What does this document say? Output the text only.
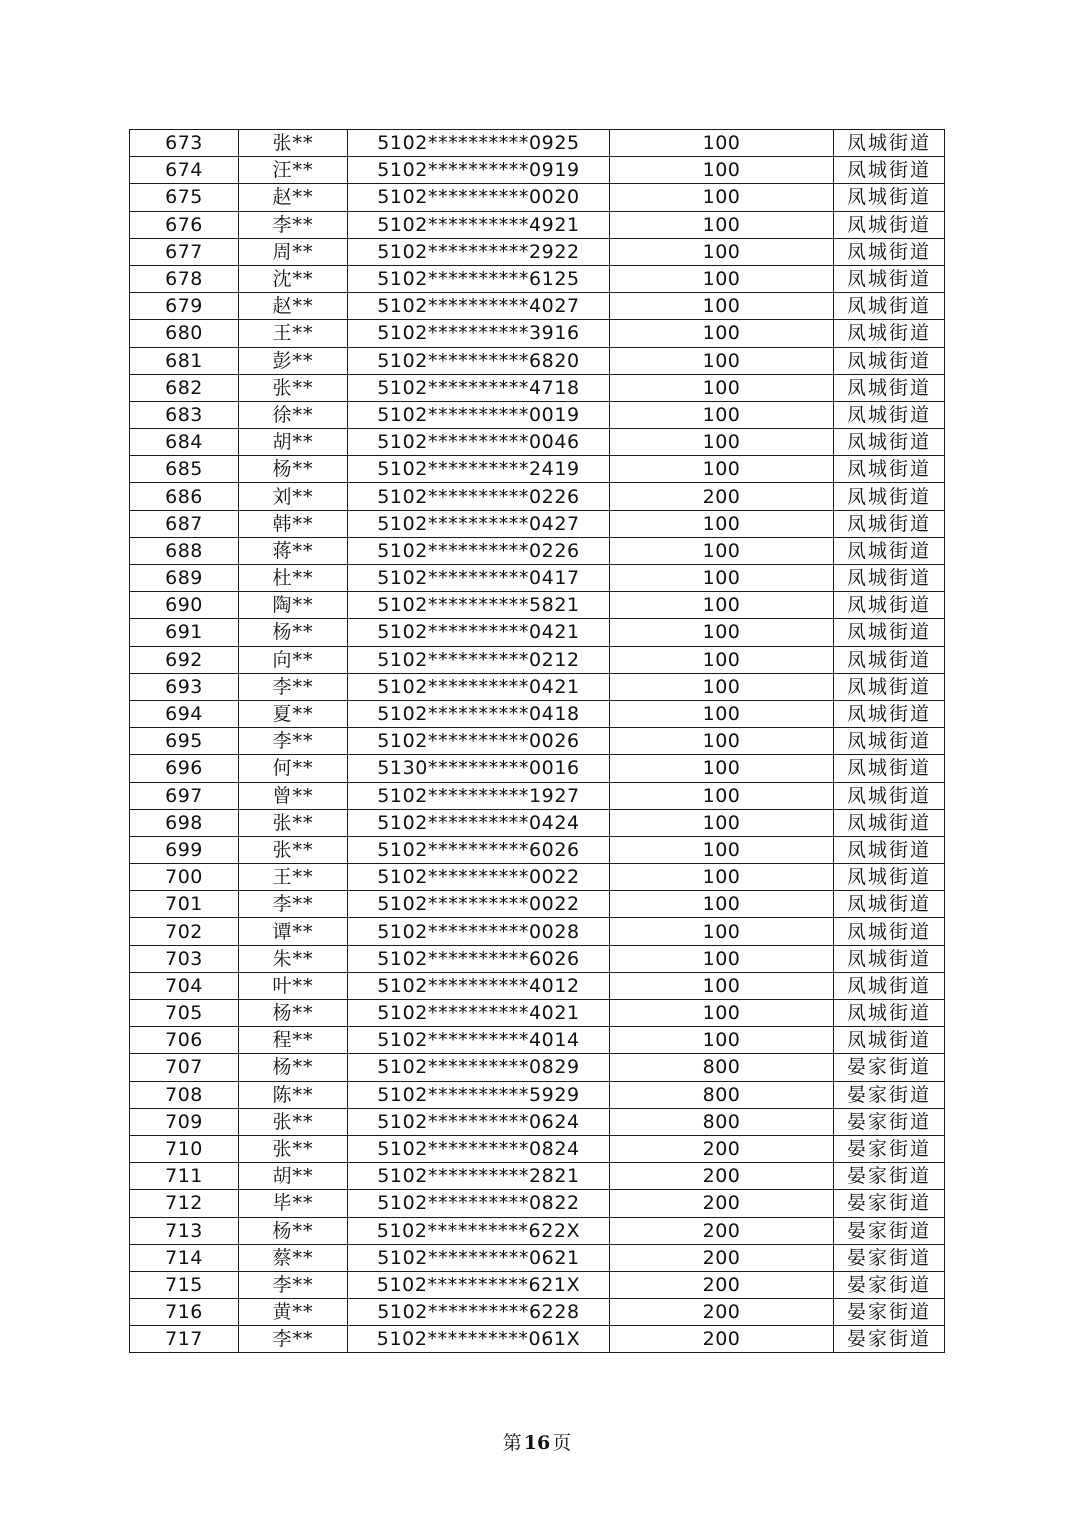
673	张**	5102**********0925	100	凤城街道
674	汪**	5102**********0919	100	凤城街道
675	赵**	5102**********0020	100	凤城街道
676	李**	5102**********4921	100	凤城街道
677	周**	5102**********2922	100	凤城街道
678	沈**	5102**********6125	100	凤城街道
679	赵**	5102**********4027	100	凤城街道
680	王**	5102**********3916	100	凤城街道
681	彭**	5102**********6820	100	凤城街道
682	张**	5102**********4718	100	凤城街道
683	徐**	5102**********0019	100	凤城街道
684	胡**	5102**********0046	100	凤城街道
685	杨**	5102**********2419	100	凤城街道
686	刘**	5102**********0226	200	凤城街道
687	韩**	5102**********0427	100	凤城街道
688	蒋**	5102**********0226	100	凤城街道
689	杜**	5102**********0417	100	凤城街道
690	陶**	5102**********5821	100	凤城街道
691	杨**	5102**********0421	100	凤城街道
692	向**	5102**********0212	100	凤城街道
693	李**	5102**********0421	100	凤城街道
694	夏**	5102**********0418	100	凤城街道
695	李**	5102**********0026	100	凤城街道
696	何**	5130**********0016	100	凤城街道
697	曾**	5102**********1927	100	凤城街道
698	张**	5102**********0424	100	凤城街道
699	张**	5102**********6026	100	凤城街道
700	王**	5102**********0022	100	凤城街道
701	李**	5102**********0022	100	凤城街道
702	谭**	5102**********0028	100	凤城街道
703	朱**	5102**********6026	100	凤城街道
704	叶**	5102**********4012	100	凤城街道
705	杨**	5102**********4021	100	凤城街道
706	程**	5102**********4014	100	凤城街道
707	杨**	5102**********0829	800	晏家街道
708	陈**	5102**********5929	800	晏家街道
709	张**	5102**********0624	800	晏家街道
710	张**	5102**********0824	200	晏家街道
711	胡**	5102**********2821	200	晏家街道
712	毕**	5102**********0822	200	晏家街道
713	杨**	5102**********622X	200	晏家街道
714	蔡**	5102**********0621	200	晏家街道
715	李**	5102**********621X	200	晏家街道
716	黄**	5102**********6228	200	晏家街道
717	李**	5102**********061X	200	晏家街道
第 16 页
